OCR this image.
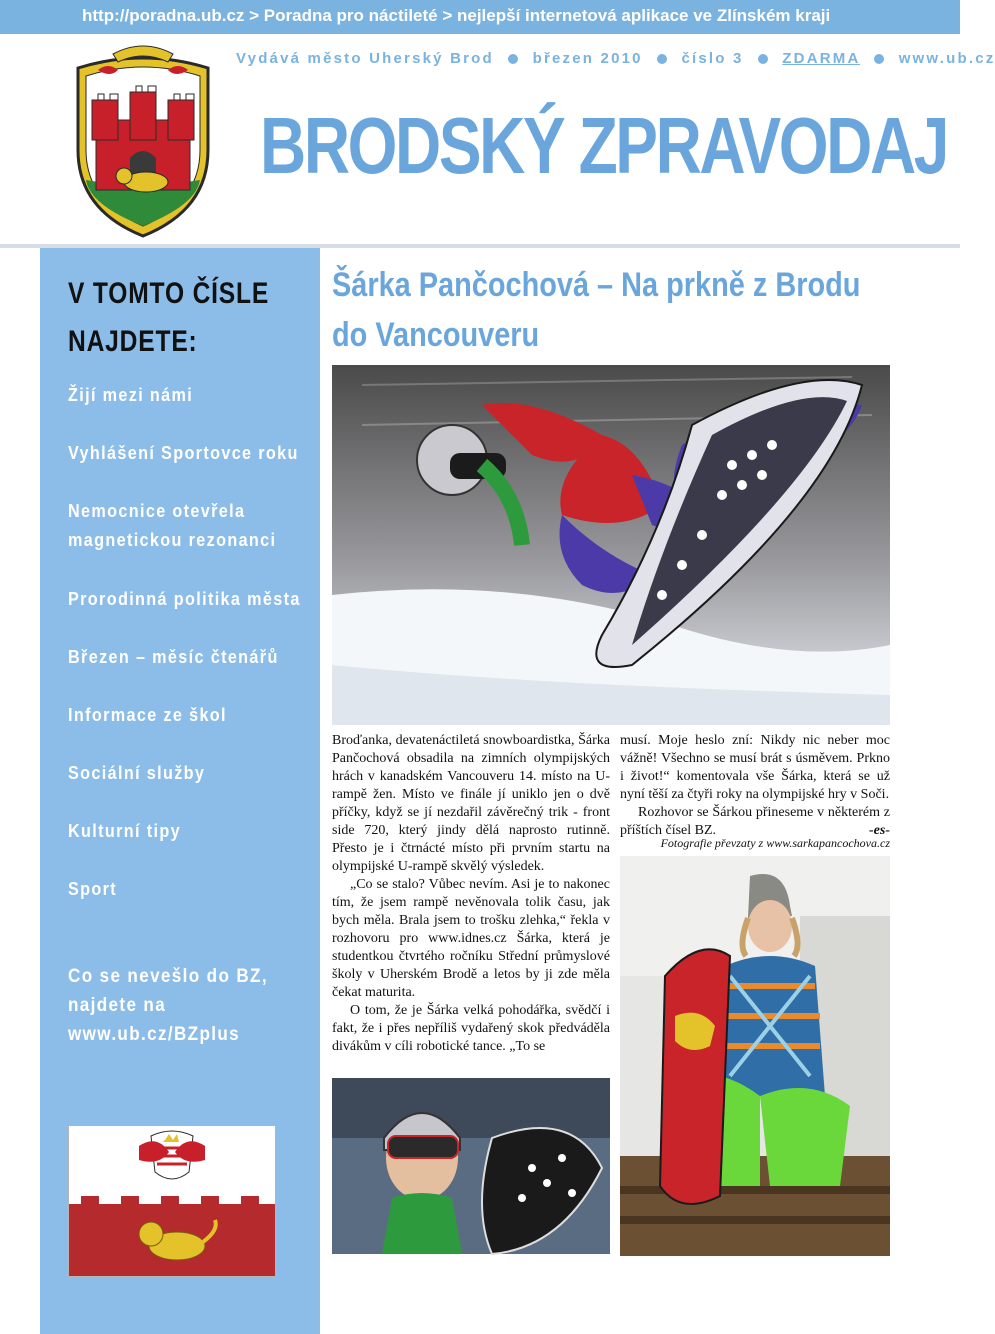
http://poradna.ub.cz > Poradna pro náctileté > nejlepší internetová aplikace ve Zlínském kraji
Vydává město Uherský Brod	březen 2010	číslo 3	ZDARMA	www.ub.cz
BRODSKÝ ZPRAVODAJ
V TOMTO ČÍSLE
NAJDETE:
Žijí mezi námi
Vyhlášení Sportovce roku
Nemocnice otevřela
magnetickou rezonanci
Prorodinná politika města
Březen – měsíc čtenářů
Informace ze škol
Sociální služby
Kulturní tipy
Sport
Co se nevešlo do BZ,
najdete na
www.ub.cz/BZplus
Šárka Pančochová – Na prkně z Brodu
do Vancouveru

Broďanka, devatenáctiletá snowboardistka, Šárka Pančochová obsadila na zimních olympijských hrách v kanadském Vancouveru 14. místo na U-rampě žen. Místo ve finále jí uniklo jen o dvě příčky, když se jí nezdařil závěrečný trik - front side 720, který jindy dělá naprosto rutinně. Přesto je i čtrnácté místo při prvním startu na olympijské U-rampě skvělý výsledek.

„Co se stalo? Vůbec nevím. Asi je to nakonec tím, že jsem rampě nevěnovala tolik času, jak bych měla. Brala jsem to trošku zlehka,“ řekla v rozhovoru pro www.idnes.cz Šárka, která je studentkou čtvrtého ročníku Střední průmyslové školy v Uherském Brodě a letos by ji zde měla čekat maturita.

O tom, že je Šárka velká pohodářka, svědčí i fakt, že i přes nepříliš vydařený skok předváděla divákům v cíli robotické tance. „To se

musí. Moje heslo zní: Nikdy nic neber moc vážně! Všechno se musí brát s úsměvem. Prkno i život!“ komentovala vše Šárka, která se už nyní těší za čtyři roky na olympijské hry v Soči.

Rozhovor se Šárkou přineseme v některém z příštích čísel BZ.	-es-

Fotografie převzaty z www.sarkapancochova.cz
